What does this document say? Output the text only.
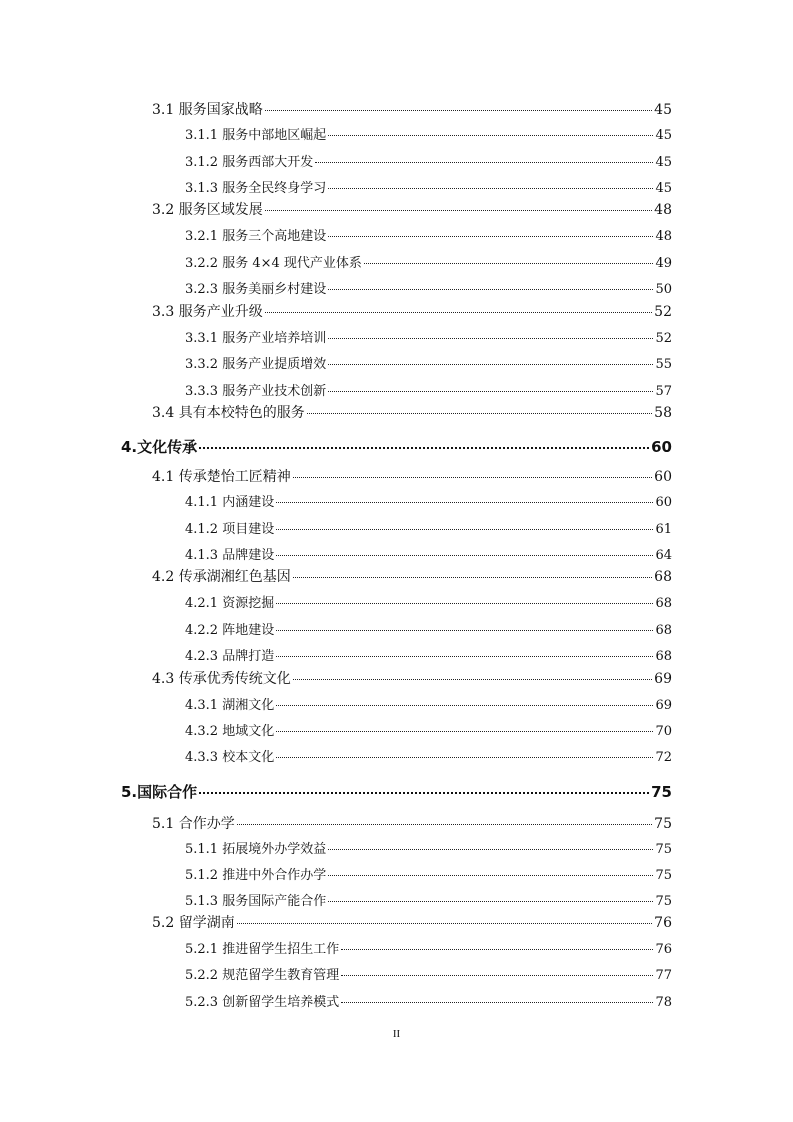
3.1 服务国家战略	45
3.1.1 服务中部地区崛起	45
3.1.2 服务西部大开发	45
3.1.3 服务全民终身学习	45
3.2 服务区域发展	48
3.2.1 服务三个高地建设	48
3.2.2 服务 4×4 现代产业体系	49
3.2.3 服务美丽乡村建设	50
3.3 服务产业升级	52
3.3.1 服务产业培养培训	52
3.3.2 服务产业提质增效	55
3.3.3 服务产业技术创新	57
3.4 具有本校特色的服务	58
4.文化传承	60
4.1 传承楚怡工匠精神	60
4.1.1 内涵建设	60
4.1.2 项目建设	61
4.1.3 品牌建设	64
4.2 传承湖湘红色基因	68
4.2.1 资源挖掘	68
4.2.2 阵地建设	68
4.2.3 品牌打造	68
4.3 传承优秀传统文化	69
4.3.1 湖湘文化	69
4.3.2 地域文化	70
4.3.3 校本文化	72
5.国际合作	75
5.1 合作办学	75
5.1.1 拓展境外办学效益	75
5.1.2 推进中外合作办学	75
5.1.3 服务国际产能合作	75
5.2 留学湖南	76
5.2.1 推进留学生招生工作	76
5.2.2 规范留学生教育管理	77
5.2.3 创新留学生培养模式	78
II
